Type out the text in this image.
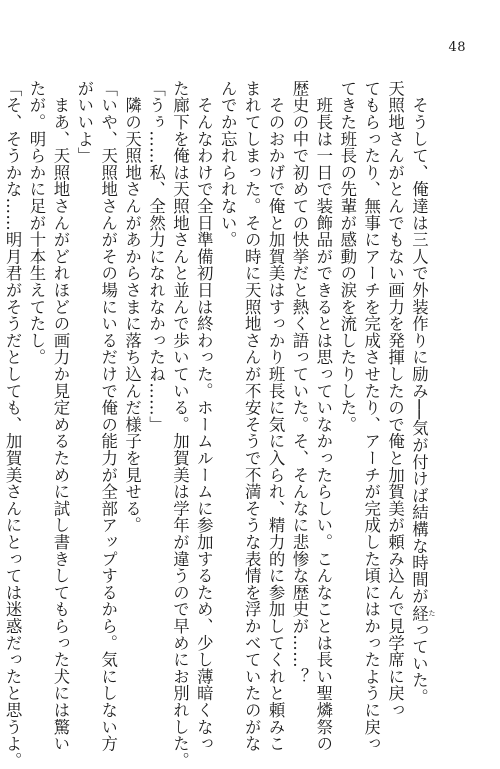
48
　そうして、俺達は三人で外装作りに励み──気が付けば結構な時間が経 たっていた。
天照地さんがとんでもない画力を発揮したので俺と加賀美が頼み込んで見学席に戻っ
てもらったり、無事にアーチを完成させたり、アーチが完成した頃にはかったように戻っ
てきた班長の先輩が感動の涙を流したりした。
　班長は一日で装飾品ができるとは思っていなかったらしい。こんなことは長い聖燐祭の
歴史の中で初めての快挙だと熱く語っていた。そ、そんなに悲惨な歴史が……？
　そのおかげで俺と加賀美はすっかり班長に気に入られ、精力的に参加してくれと頼みこ
まれてしまった。その時に天照地さんが不安そうで不満そうな表情を浮かべていたのがな
んでか忘れられない。
　そんなわけで全日準備初日は終わった。ホームルームに参加するため、少し薄暗くなっ
た廊下を俺は天照地さんと並んで歩いている。加賀美は学年が違うので早めにお別れした。
「うぅ……私、全然力になれなかったね……」
　隣の天照地さんがあからさまに落ち込んだ様子を見せる。
「いや、天照地さんがその場にいるだけで俺の能力が全部アップするから。気にしない方
がいいよ」
　まあ、天照地さんがどれほどの画力か見定めるために試し書きしてもらった犬には驚い
たが。明らかに足が十本生えてたし。
「そ、そうかな……明月君がそうだとしても、加賀美さんにとっては迷惑だったと思うよ。
